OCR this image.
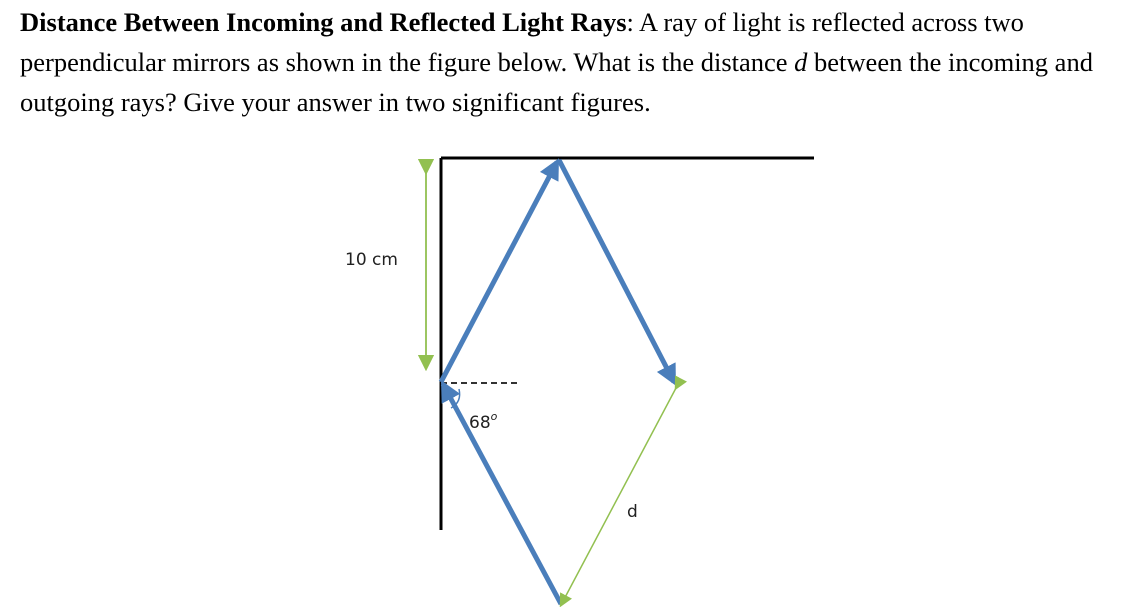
Distance Between Incoming and Reflected Light Rays: A ray of light is reflected across two perpendicular mirrors as shown in the figure below. What is the distance d between the incoming and outgoing rays? Give your answer in two significant figures.
10 cm
68$^o$
d
